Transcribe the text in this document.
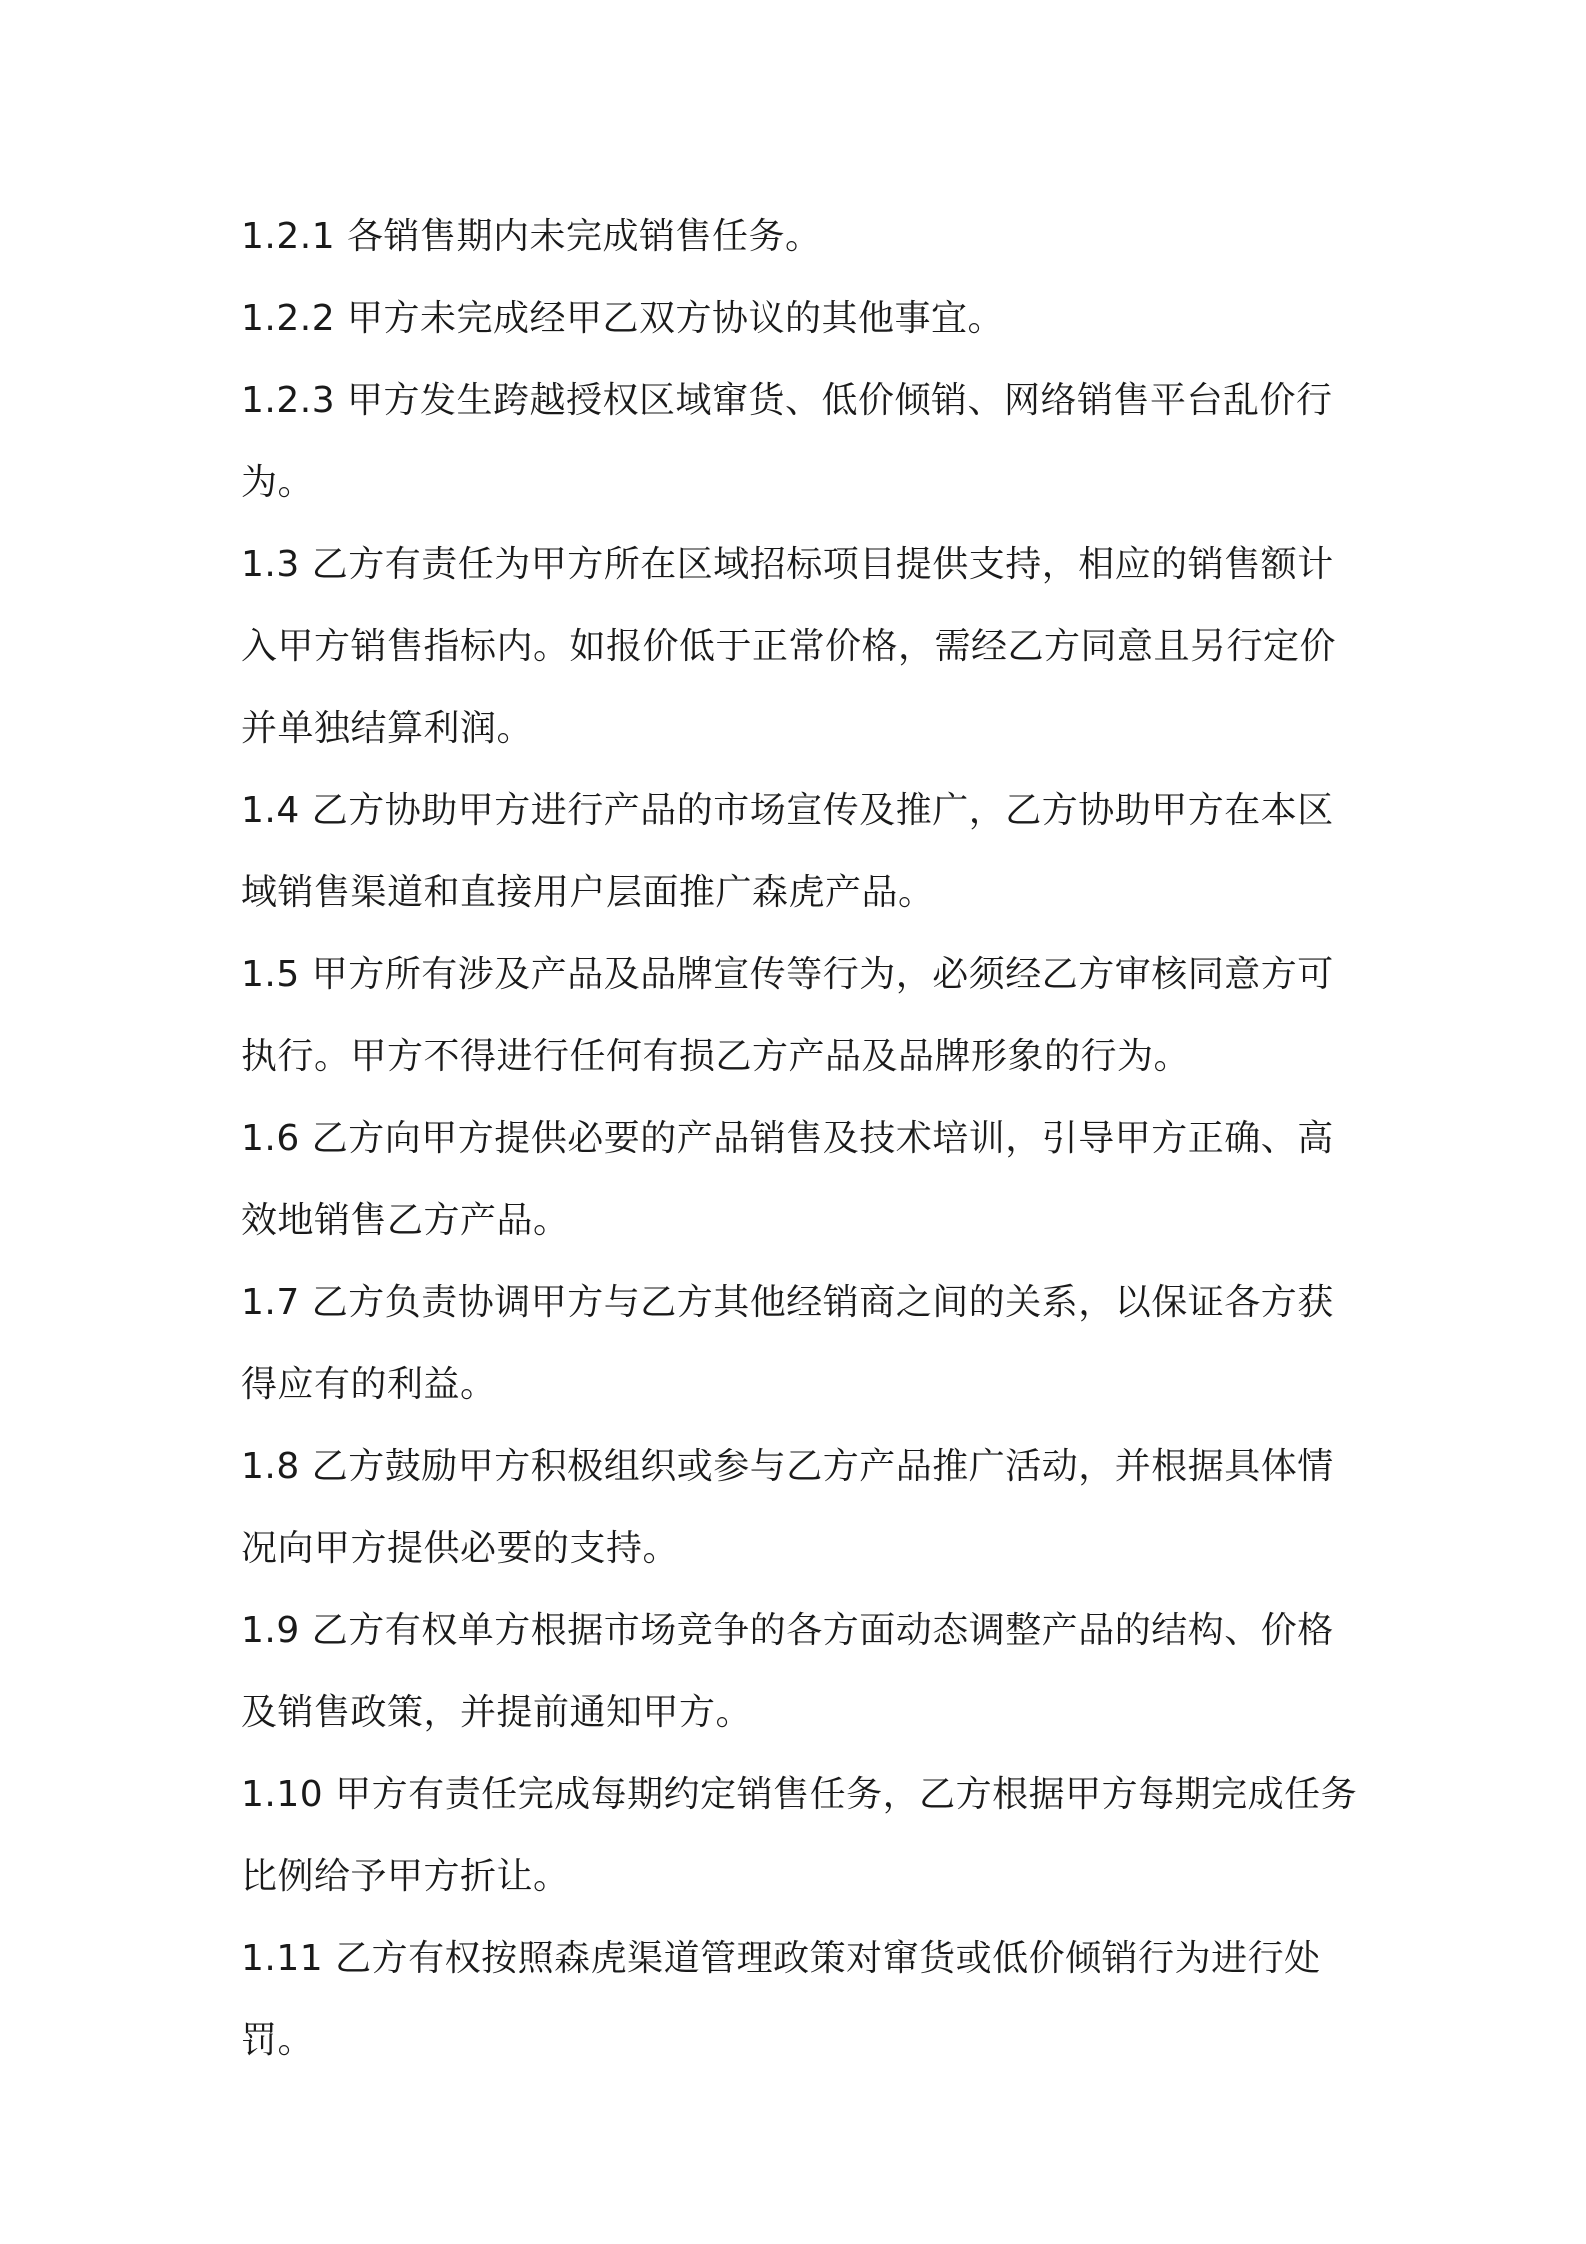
1.2.1 各销售期内未完成销售任务。

1.2.2 甲方未完成经甲乙双方协议的其他事宜。

1.2.3 甲方发生跨越授权区域窜货、低价倾销、网络销售平台乱价行为。

1.3 乙方有责任为甲方所在区域招标项目提供支持，相应的销售额计入甲方销售指标内。如报价低于正常价格，需经乙方同意且另行定价并单独结算利润。

1.4 乙方协助甲方进行产品的市场宣传及推广，乙方协助甲方在本区域销售渠道和直接用户层面推广森虎产品。

1.5 甲方所有涉及产品及品牌宣传等行为，必须经乙方审核同意方可执行。甲方不得进行任何有损乙方产品及品牌形象的行为。

1.6 乙方向甲方提供必要的产品销售及技术培训，引导甲方正确、高效地销售乙方产品。

1.7 乙方负责协调甲方与乙方其他经销商之间的关系，以保证各方获得应有的利益。

1.8 乙方鼓励甲方积极组织或参与乙方产品推广活动，并根据具体情况向甲方提供必要的支持。

1.9 乙方有权单方根据市场竞争的各方面动态调整产品的结构、价格及销售政策，并提前通知甲方。

1.10 甲方有责任完成每期约定销售任务，乙方根据甲方每期完成任务比例给予甲方折让。

1.11 乙方有权按照森虎渠道管理政策对窜货或低价倾销行为进行处罚。
